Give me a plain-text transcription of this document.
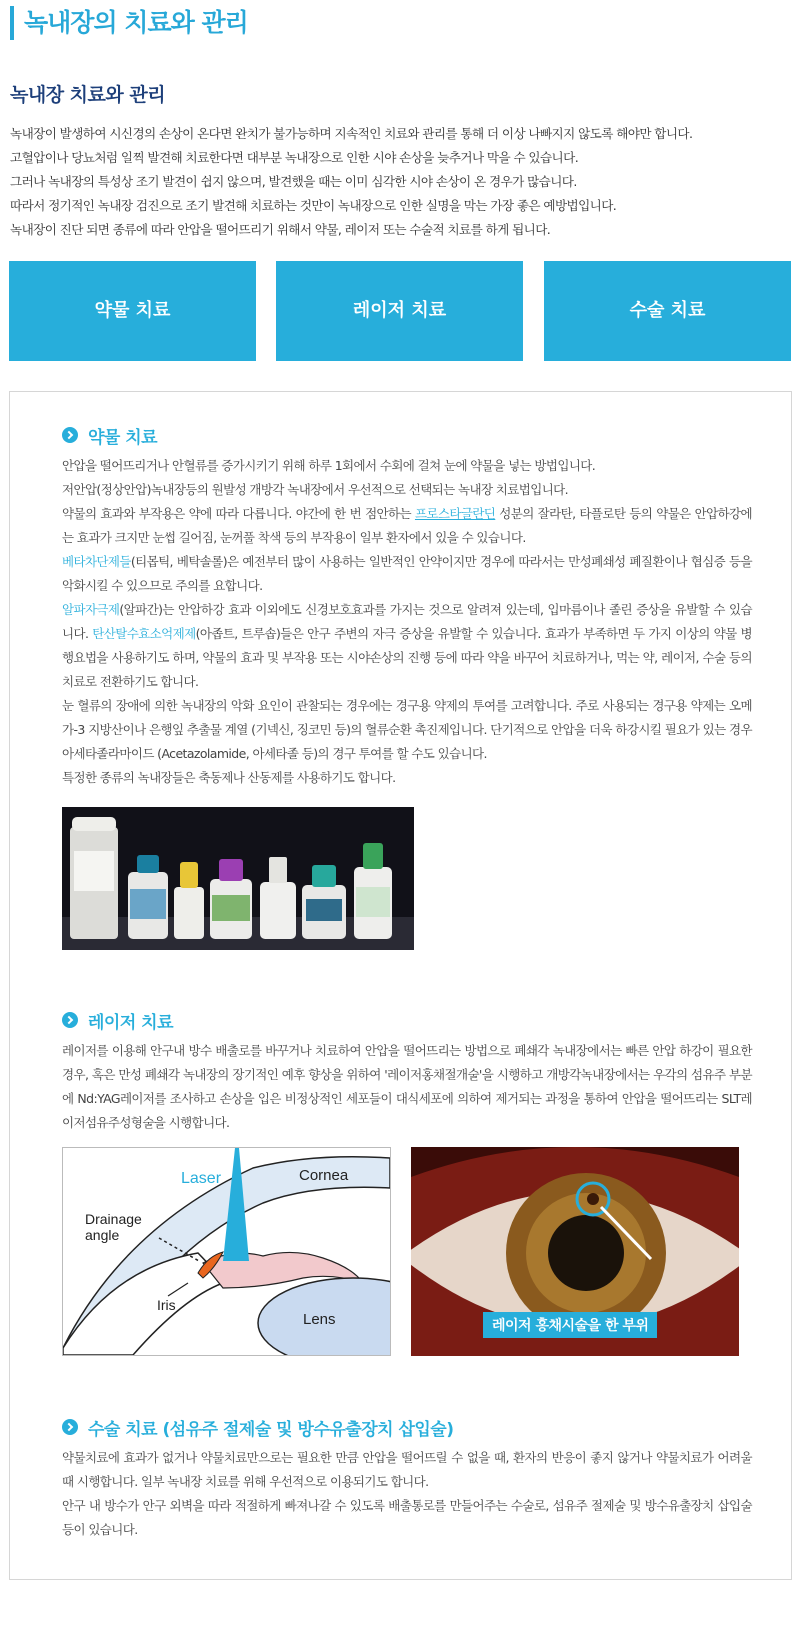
녹내장의 치료와 관리
녹내장 치료와 관리

녹내장이 발생하여 시신경의 손상이 온다면 완치가 불가능하며 지속적인 치료와 관리를 통해 더 이상 나빠지지 않도록 해야만 합니다.

고혈압이나 당뇨처럼 일찍 발견해 치료한다면 대부분 녹내장으로 인한 시야 손상을 늦추거나 막을 수 있습니다.

그러나 녹내장의 특성상 조기 발견이 쉽지 않으며, 발견했을 때는 이미 심각한 시야 손상이 온 경우가 많습니다.

따라서 정기적인 녹내장 검진으로 조기 발견해 치료하는 것만이 녹내장으로 인한 실명을 막는 가장 좋은 예방법입니다.

녹내장이 진단 되면 종류에 따라 안압을 떨어뜨리기 위해서 약물, 레이저 또는 수술적 치료를 하게 됩니다.

약물 치료	레이저 치료	수술 치료
약물 치료

안압을 떨어뜨리거나 안혈류를 증가시키기 위해 하루 1회에서 수회에 걸쳐 눈에 약물을 넣는 방법입니다.

저안압(정상안압)녹내장등의 원발성 개방각 녹내장에서 우선적으로 선택되는 녹내장 치료법입니다.

약물의 효과와 부작용은 약에 따라 다릅니다. 야간에 한 번 점안하는 프로스타글란딘 성분의 잘라탄, 타플로탄 등의 약물은 안압하강에는 효과가 크지만 눈썹 길어짐, 눈꺼풀 착색 등의 부작용이 일부 환자에서 있을 수 있습니다.

베타차단제들(티몹틱, 베탁솔롤)은 예전부터 많이 사용하는 일반적인 안약이지만 경우에 따라서는 만성폐쇄성 폐질환이나 협심증 등을 악화시킬 수 있으므로 주의를 요합니다.

알파자극제(알파간)는 안압하강 효과 이외에도 신경보호효과를 가지는 것으로 알려져 있는데, 입마름이나 졸린 증상을 유발할 수 있습니다. 탄산탈수효소억제제(아좁트, 트루솝)들은 안구 주변의 자극 증상을 유발할 수 있습니다. 효과가 부족하면 두 가지 이상의 약물 병행요법을 사용하기도 하며, 약물의 효과 및 부작용 또는 시야손상의 진행 등에 따라 약을 바꾸어 치료하거나, 먹는 약, 레이저, 수술 등의 치료로 전환하기도 합니다.

눈 혈류의 장애에 의한 녹내장의 악화 요인이 관찰되는 경우에는 경구용 약제의 투여를 고려합니다. 주로 사용되는 경구용 약제는 오메가-3 지방산이나 은행잎 추출물 계열 (기넥신, 징코민 등)의 혈류순환 촉진제입니다. 단기적으로 안압을 더욱 하강시킬 필요가 있는 경우 아세타졸라마이드 (Acetazolamide, 아세타졸 등)의 경구 투여를 할 수도 있습니다.

특정한 종류의 녹내장들은 축동제나 산동제를 사용하기도 합니다.

레이저 치료

레이저를 이용해 안구내 방수 배출로를 바꾸거나 치료하여 안압을 떨어뜨리는 방법으로 폐쇄각 녹내장에서는 빠른 안압 하강이 필요한 경우, 혹은 만성 폐쇄각 녹내장의 장기적인 예후 향상을 위하여 '레이저홍채절개술'을 시행하고 개방각녹내장에서는 우각의 섬유주 부분에 Nd:YAG레이저를 조사하고 손상을 입은 비정상적인 세포들이 대식세포에 의하여 제거되는 과정을 통하여 안압을 떨어뜨리는 SLT레이저섬유주성형술을 시행합니다.

Laser	Cornea
Drainage
angle
Iris
Lens	레이저 홍채시술을 한 부위
수술 치료 (섬유주 절제술 및 방수유출장치 삽입술)

약물치료에 효과가 없거나 약물치료만으로는 필요한 만큼 안압을 떨어뜨릴 수 없을 때, 환자의 반응이 좋지 않거나 약물치료가 어려울 때 시행합니다. 일부 녹내장 치료를 위해 우선적으로 이용되기도 합니다.

안구 내 방수가 안구 외벽을 따라 적절하게 빠져나갈 수 있도록 배출통로를 만들어주는 수술로, 섬유주 절제술 및 방수유출장치 삽입술 등이 있습니다.
